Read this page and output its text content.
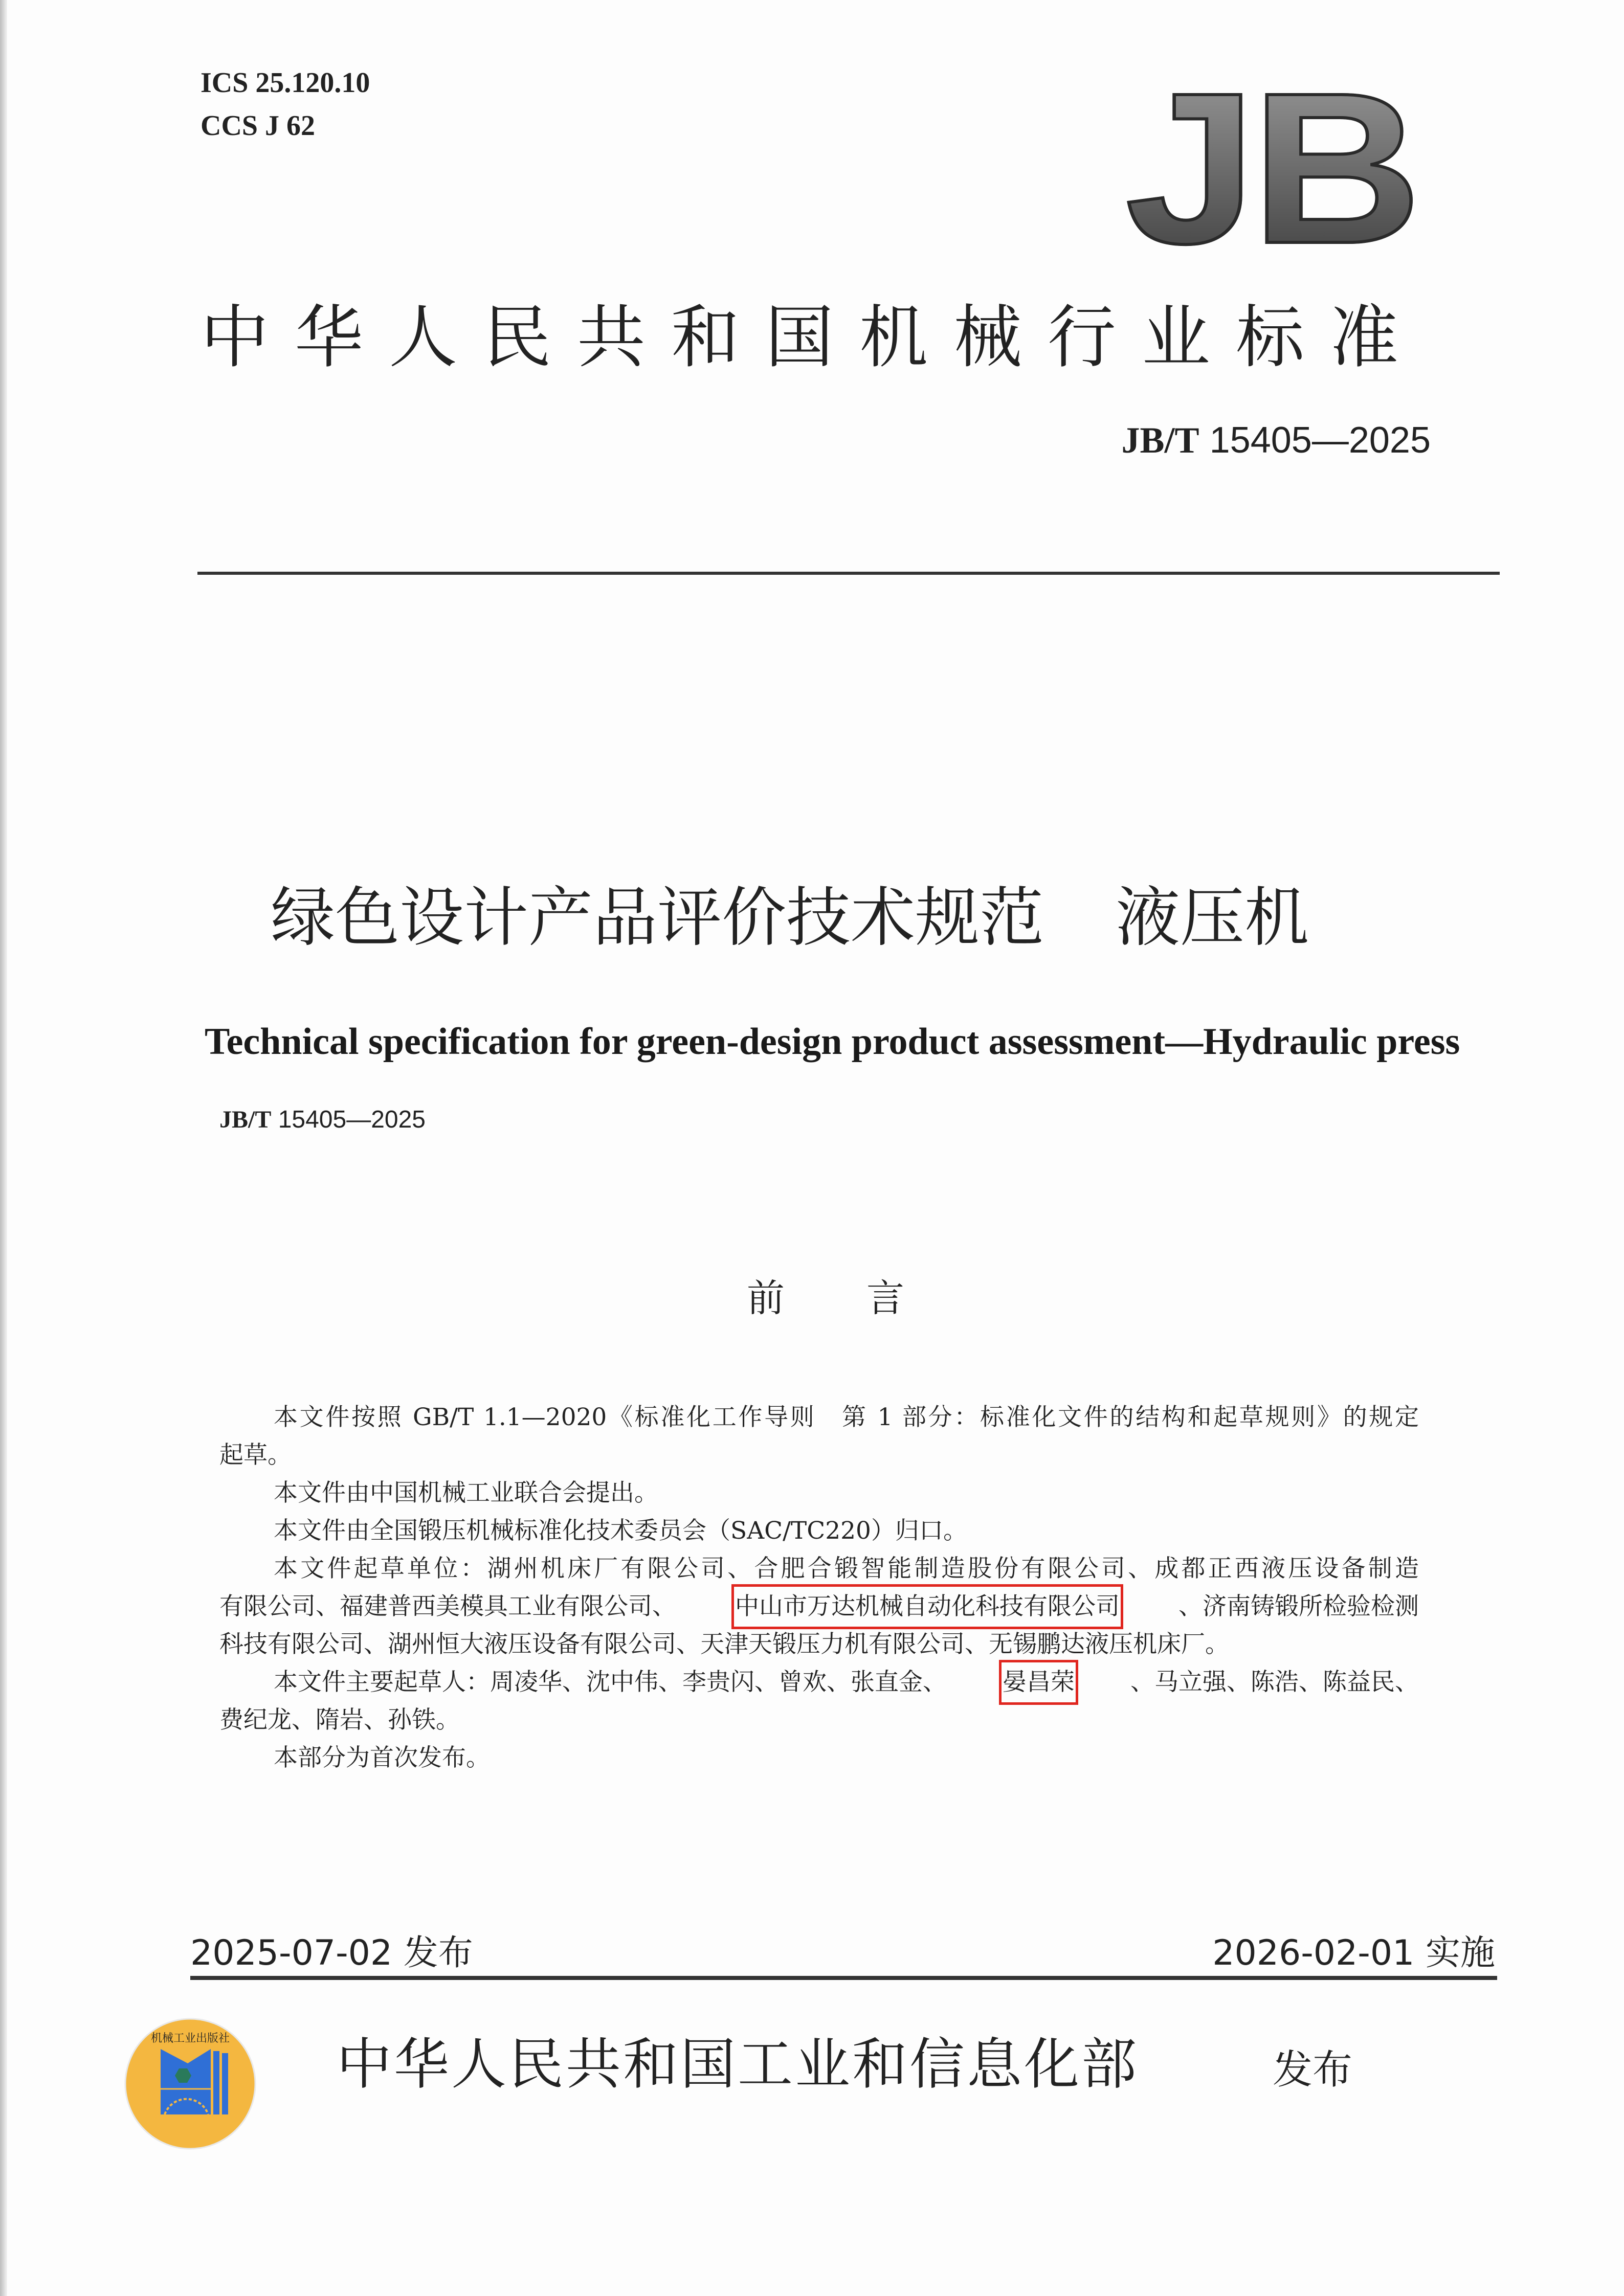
ICS 25.120.10
CCS J 62	JB
中华人民共和国机械行业标准
JB/T 15405—2025
绿色设计产品评价技术规范 液压机
Technical specification for green-design product assessment—Hydraulic press
JB/T 15405—2025
前言
本文件按照 GB/T 1.1—2020《标准化工作导则　第 1 部分：标准化文件的结构和起草规则》的规定
起草。
本文件由中国机械工业联合会提出。
本文件由全国锻压机械标准化技术委员会（SAC/TC220）归口。
本文件起草单位：湖州机床厂有限公司、合肥合锻智能制造股份有限公司、成都正西液压设备制造
有限公司、福建普西美模具工业有限公司、 中山市万达机械自动化科技有限公司 、济南铸锻所检验检测
科技有限公司、湖州恒大液压设备有限公司、天津天锻压力机有限公司、无锡鹏达液压机床厂。
本文件主要起草人：周凌华、沈中伟、李贵闪、曾欢、张直金、 晏昌荣 、马立强、陈浩、陈益民、
费纪龙、隋岩、孙铁。
本部分为首次发布。
2025-07-02 发布	2026-02-01 实施
机械工业出版社 中华人民共和国工业和信息化部	发布
